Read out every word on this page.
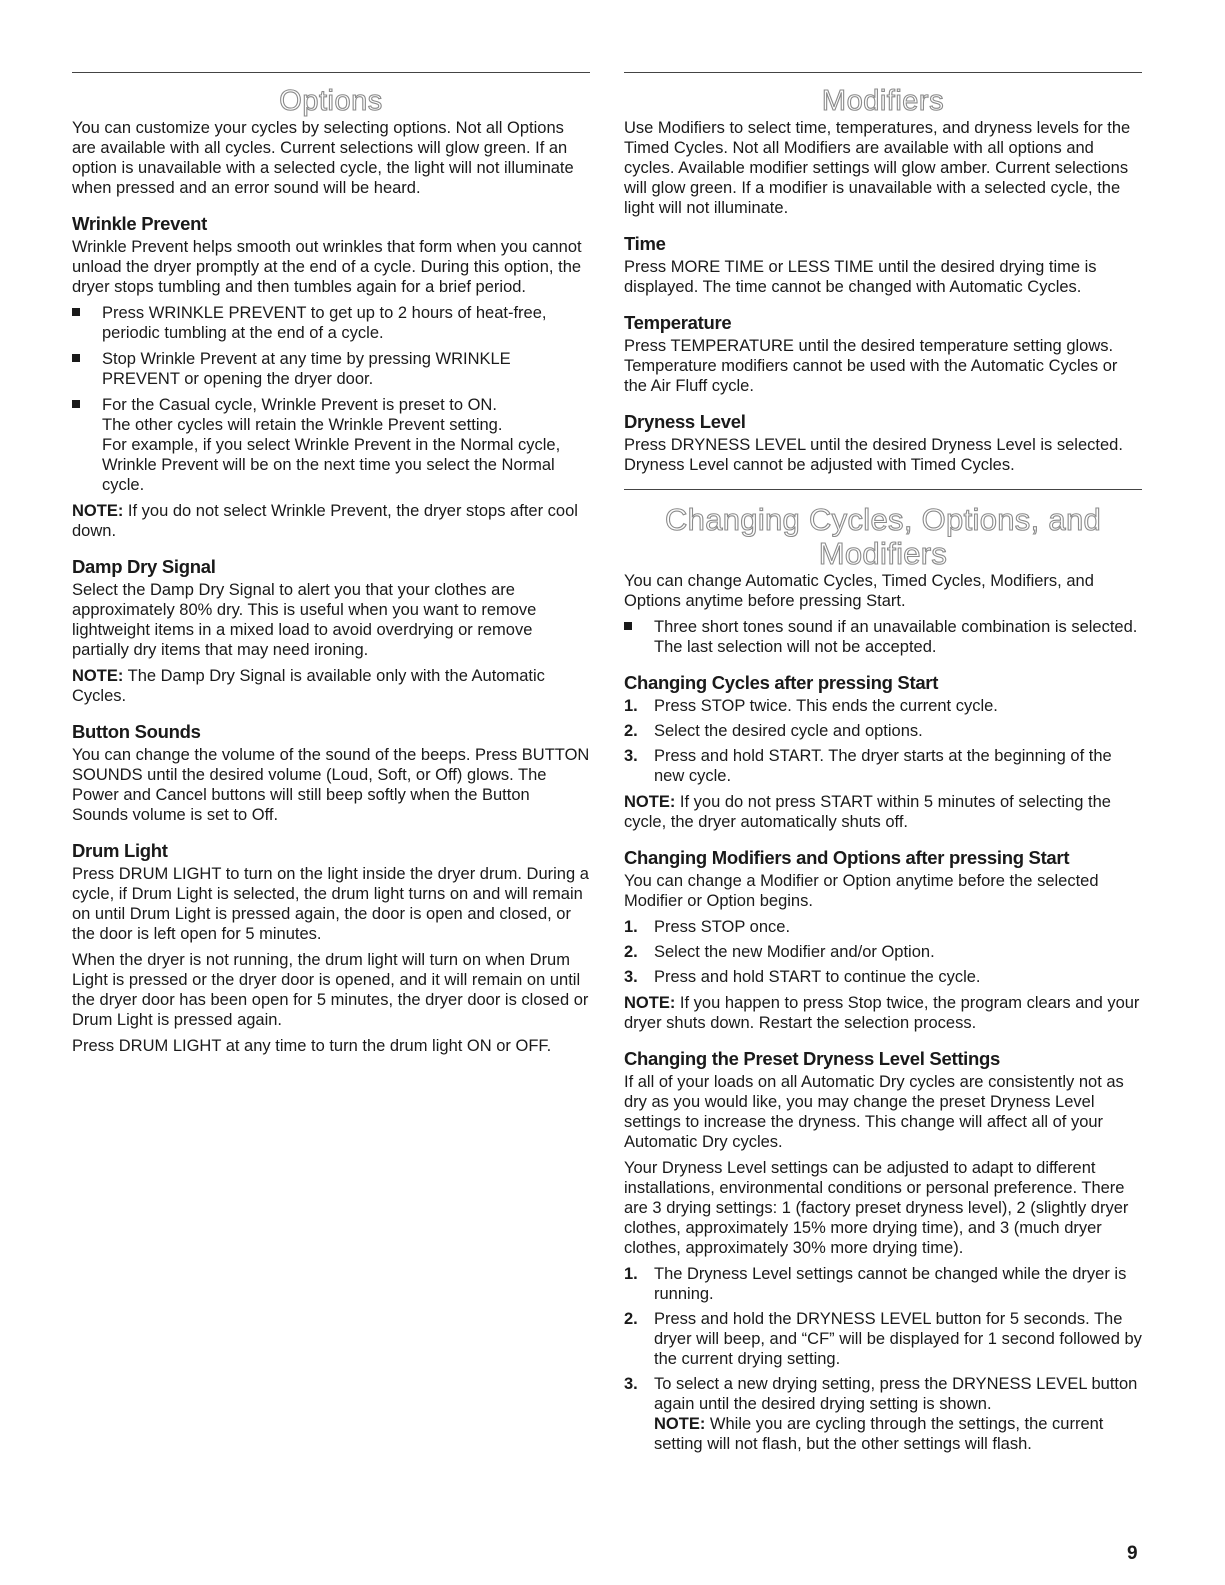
Options

You can customize your cycles by selecting options. Not all Options are available with all cycles. Current selections will glow green. If an option is unavailable with a selected cycle, the light will not illuminate when pressed and an error sound will be heard.

Wrinkle Prevent

Wrinkle Prevent helps smooth out wrinkles that form when you cannot unload the dryer promptly at the end of a cycle. During this option, the dryer stops tumbling and then tumbles again for a brief period.

Press WRINKLE PREVENT to get up to 2 hours of heat-free, periodic tumbling at the end of a cycle.
Stop Wrinkle Prevent at any time by pressing WRINKLE PREVENT or opening the dryer door.
For the Casual cycle, Wrinkle Prevent is preset to ON.
The other cycles will retain the Wrinkle Prevent setting.
For example, if you select Wrinkle Prevent in the Normal cycle, Wrinkle Prevent will be on the next time you select the Normal cycle.

NOTE: If you do not select Wrinkle Prevent, the dryer stops after cool down.

Damp Dry Signal

Select the Damp Dry Signal to alert you that your clothes are approximately 80% dry. This is useful when you want to remove lightweight items in a mixed load to avoid overdrying or remove partially dry items that may need ironing.

NOTE: The Damp Dry Signal is available only with the Automatic Cycles.

Button Sounds

You can change the volume of the sound of the beeps. Press BUTTON SOUNDS until the desired volume (Loud, Soft, or Off) glows. The Power and Cancel buttons will still beep softly when the Button Sounds volume is set to Off.

Drum Light

Press DRUM LIGHT to turn on the light inside the dryer drum. During a cycle, if Drum Light is selected, the drum light turns on and will remain on until Drum Light is pressed again, the door is open and closed, or the door is left open for 5 minutes.

When the dryer is not running, the drum light will turn on when Drum Light is pressed or the dryer door is opened, and it will remain on until the dryer door has been open for 5 minutes, the dryer door is closed or Drum Light is pressed again.

Press DRUM LIGHT at any time to turn the drum light ON or OFF.

Modifiers

Use Modifiers to select time, temperatures, and dryness levels for the Timed Cycles. Not all Modifiers are available with all options and cycles. Available modifier settings will glow amber. Current selections will glow green. If a modifier is unavailable with a selected cycle, the light will not illuminate.

Time

Press MORE TIME or LESS TIME until the desired drying time is displayed. The time cannot be changed with Automatic Cycles.

Temperature

Press TEMPERATURE until the desired temperature setting glows. Temperature modifiers cannot be used with the Automatic Cycles or the Air Fluff cycle.

Dryness Level

Press DRYNESS LEVEL until the desired Dryness Level is selected. Dryness Level cannot be adjusted with Timed Cycles.

Changing Cycles, Options, and Modifiers

You can change Automatic Cycles, Timed Cycles, Modifiers, and Options anytime before pressing Start.

Three short tones sound if an unavailable combination is selected. The last selection will not be accepted.
Changing Cycles after pressing Start
1. Press STOP twice. This ends the current cycle.
2. Select the desired cycle and options.
3. Press and hold START. The dryer starts at the beginning of the new cycle.

NOTE: If you do not press START within 5 minutes of selecting the cycle, the dryer automatically shuts off.

Changing Modifiers and Options after pressing Start

You can change a Modifier or Option anytime before the selected Modifier or Option begins.

1. Press STOP once.
2. Select the new Modifier and/or Option.
3. Press and hold START to continue the cycle.

NOTE: If you happen to press Stop twice, the program clears and your dryer shuts down. Restart the selection process.

Changing the Preset Dryness Level Settings

If all of your loads on all Automatic Dry cycles are consistently not as dry as you would like, you may change the preset Dryness Level settings to increase the dryness. This change will affect all of your Automatic Dry cycles.

Your Dryness Level settings can be adjusted to adapt to different installations, environmental conditions or personal preference. There are 3 drying settings: 1 (factory preset dryness level), 2 (slightly dryer clothes, approximately 15% more drying time), and 3 (much dryer clothes, approximately 30% more drying time).

1. The Dryness Level settings cannot be changed while the dryer is running.
2. Press and hold the DRYNESS LEVEL button for 5 seconds. The dryer will beep, and “CF” will be displayed for 1 second followed by the current drying setting.
3. To select a new drying setting, press the DRYNESS LEVEL button again until the desired drying setting is shown.
NOTE: While you are cycling through the settings, the current setting will not flash, but the other settings will flash.
9
